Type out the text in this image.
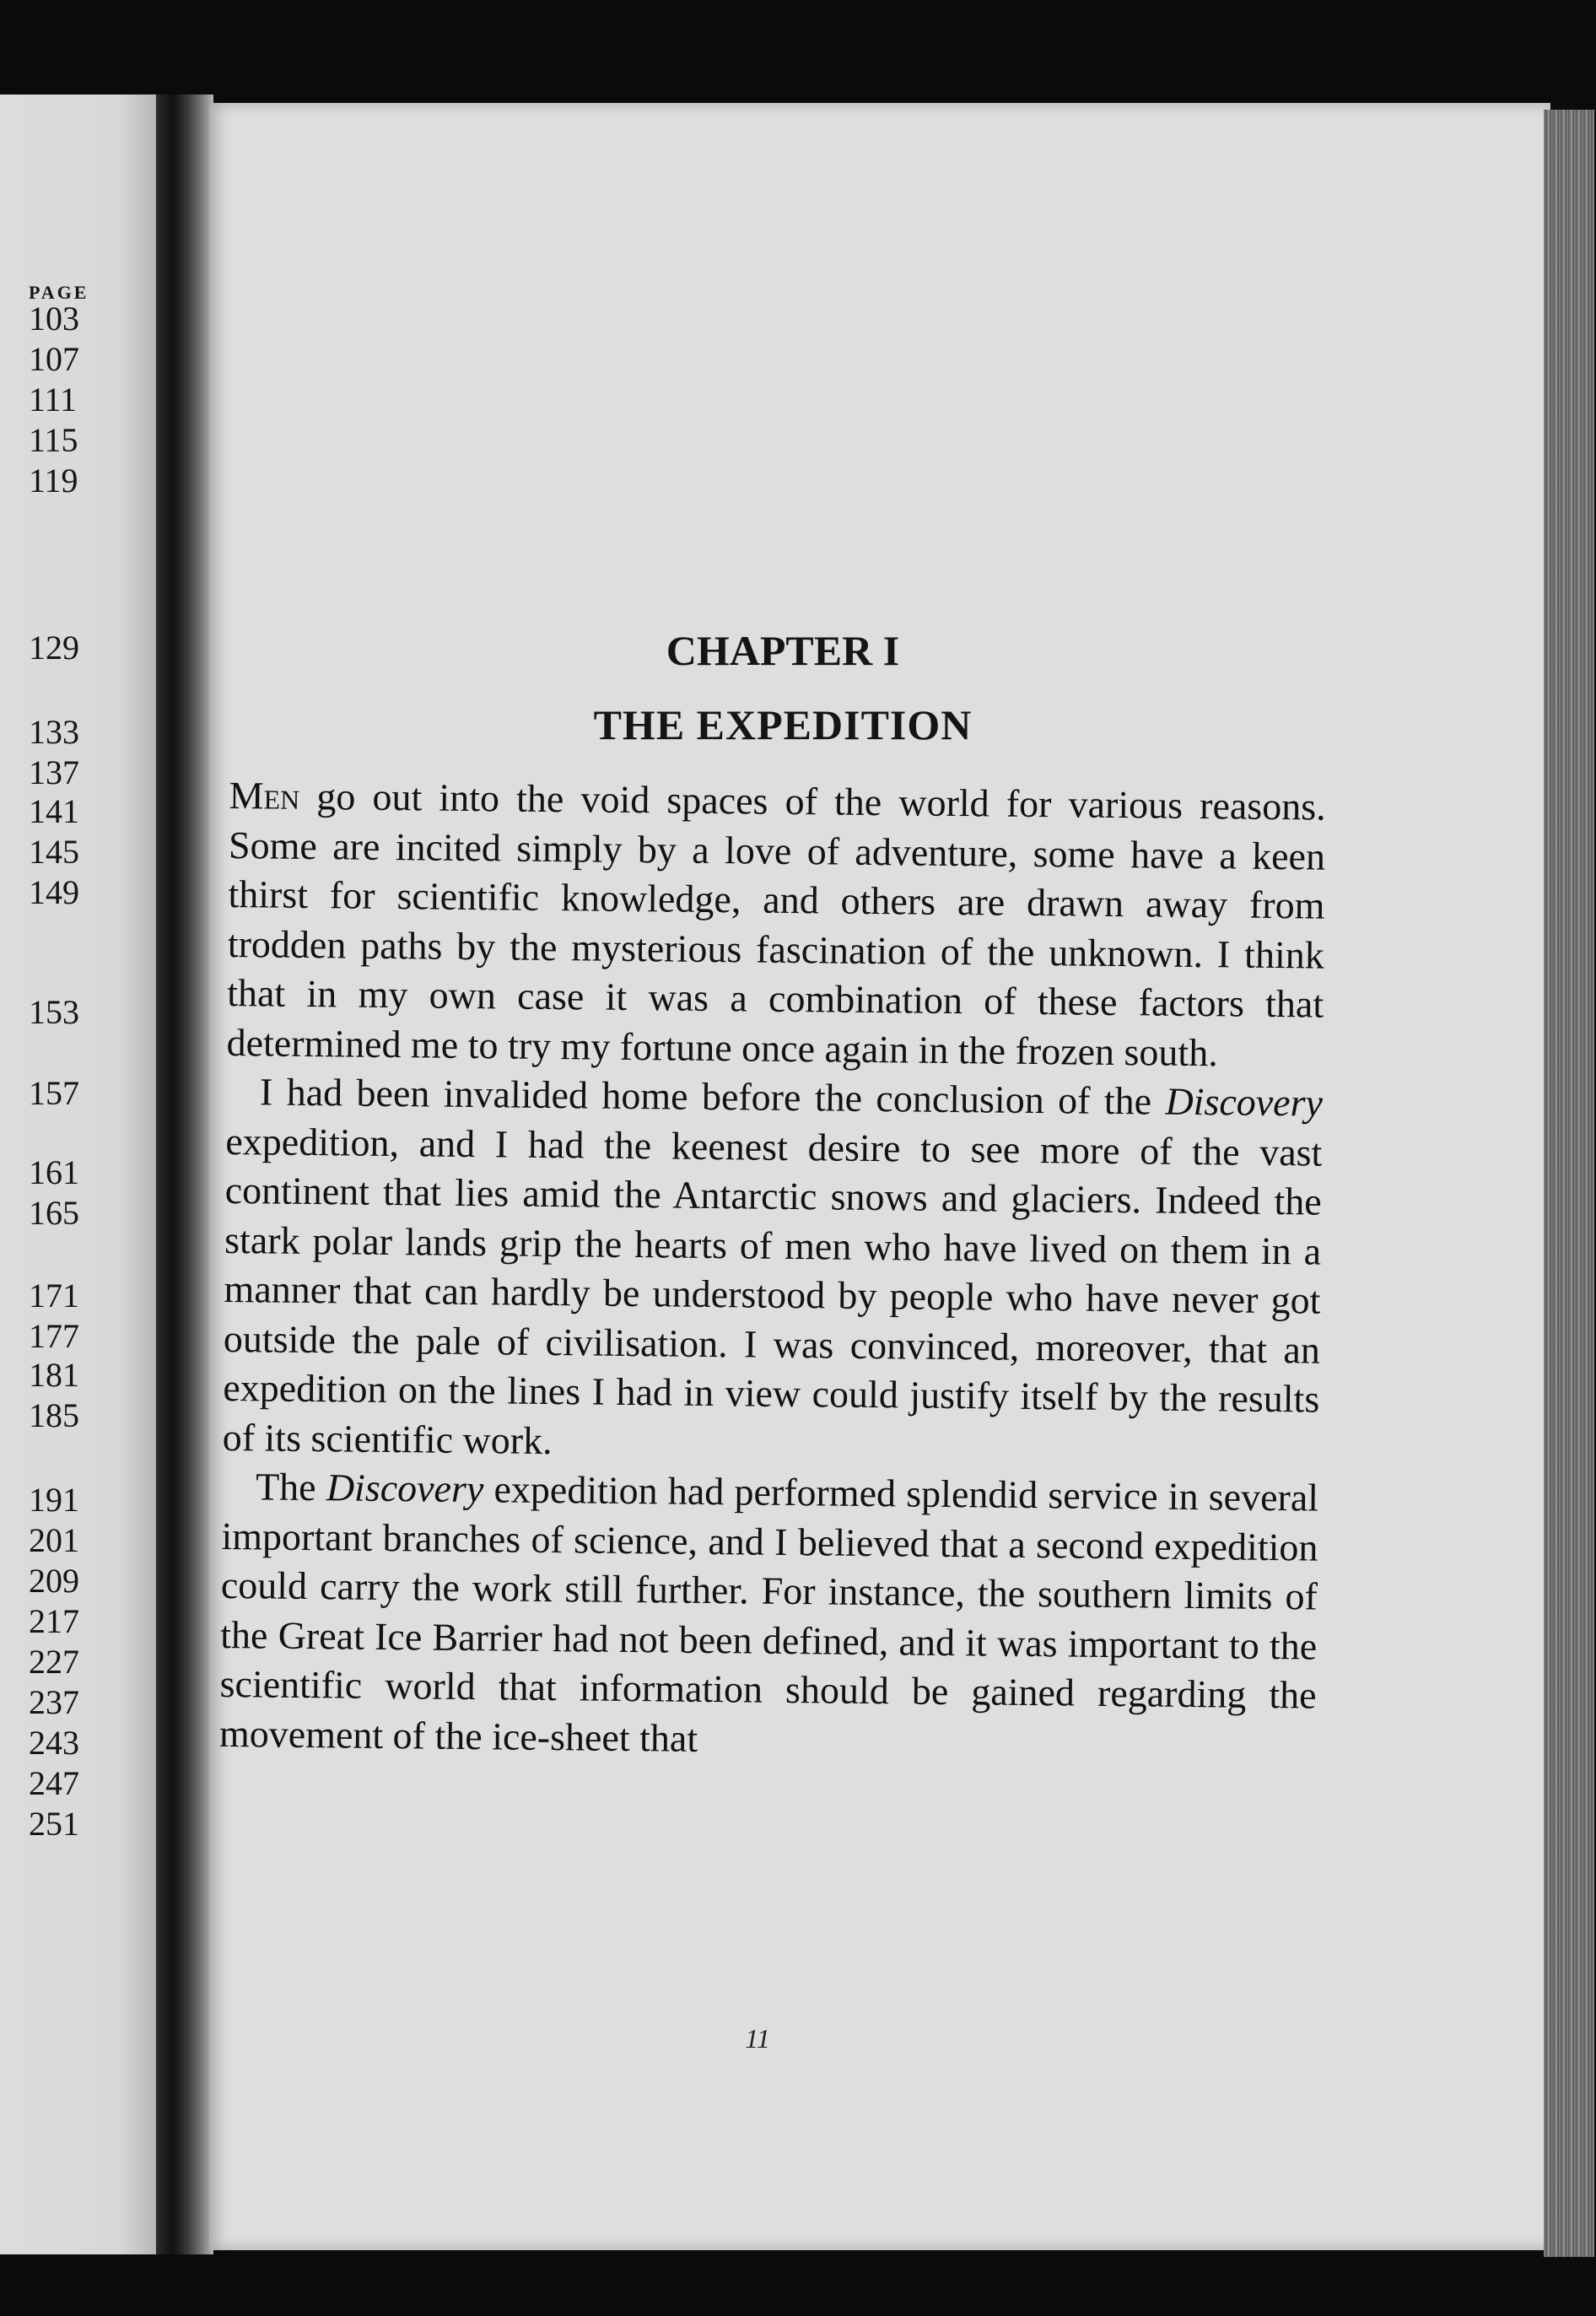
PAGE
103
107
111
115
119
129
133
137
141
145
149
153
157
161
165
171
177
181
185
191
201
209
217
227
237
243
247
251
CHAPTER I
THE EXPEDITION

Men go out into the void spaces of the world for various reasons. Some are incited simply by a love of adventure, some have a keen thirst for scientific knowledge, and others are drawn away from trodden paths by the mysterious fascination of the unknown. I think that in my own case it was a combination of these factors that determined me to try my fortune once again in the frozen south.

I had been invalided home before the conclusion of the Discovery expedition, and I had the keenest desire to see more of the vast continent that lies amid the Antarctic snows and glaciers. Indeed the stark polar lands grip the hearts of men who have lived on them in a manner that can hardly be understood by people who have never got outside the pale of civilisation. I was convinced, moreover, that an expedition on the lines I had in view could justify itself by the results of its scientific work.

The Discovery expedition had performed splendid service in several important branches of science, and I believed that a second expedition could carry the work still further. For instance, the southern limits of the Great Ice Barrier had not been defined, and it was important to the scientific world that information should be gained regarding the movement of the ice-sheet that

11
